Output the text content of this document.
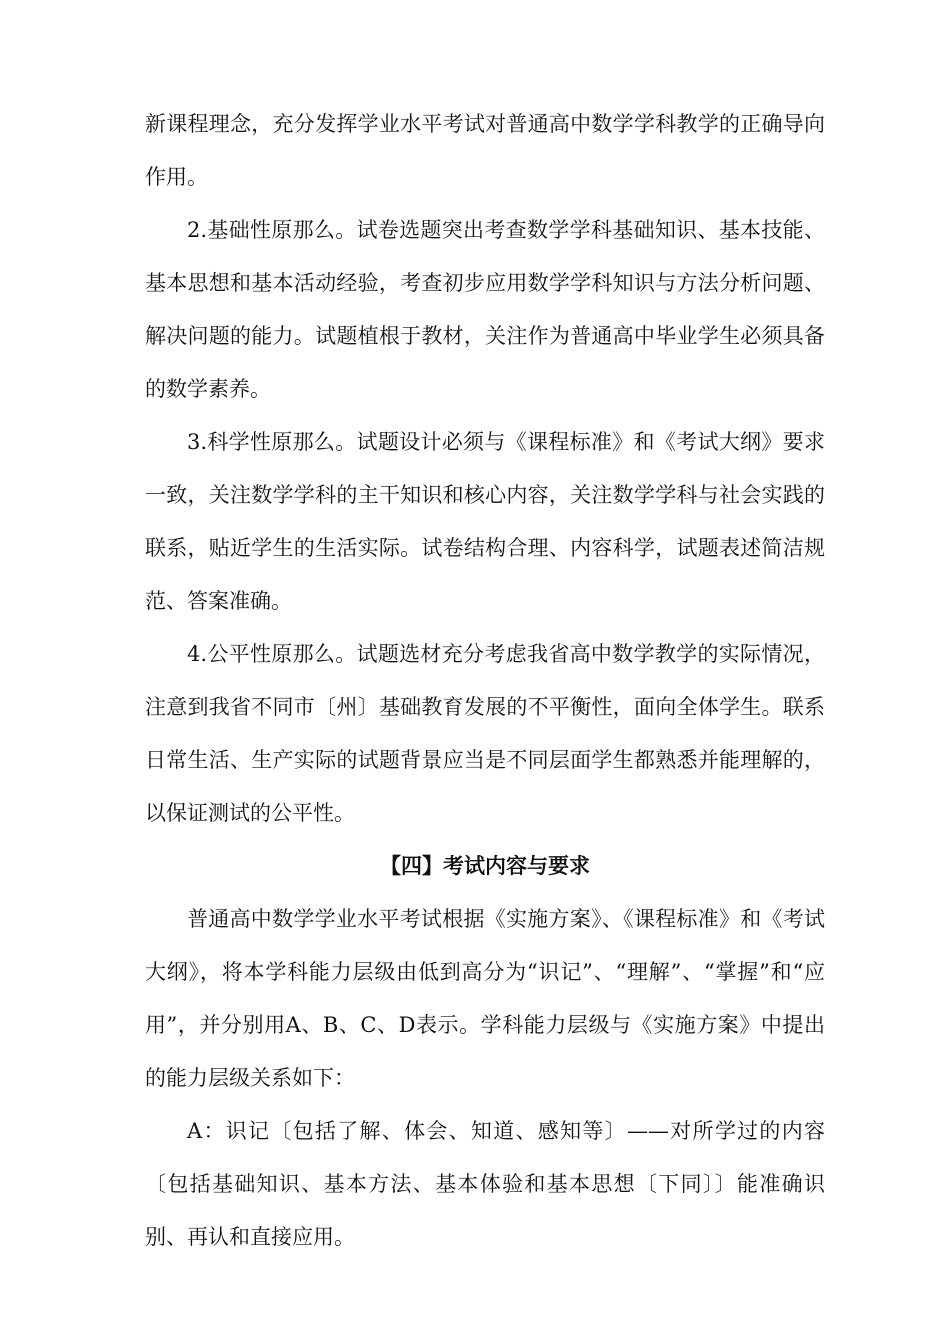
新课程理念，充分发挥学业水平考试对普通高中数学学科教学的正确导向作用。

2.基础性原那么。试卷选题突出考查数学学科基础知识、基本技能、基本思想和基本活动经验，考查初步应用数学学科知识与方法分析问题、解决问题的能力。试题植根于教材，关注作为普通高中毕业学生必须具备的数学素养。

3.科学性原那么。试题设计必须与《课程标准》和《考试大纲》要求一致，关注数学学科的主干知识和核心内容，关注数学学科与社会实践的联系，贴近学生的生活实际。试卷结构合理、内容科学，试题表述简洁规范、答案准确。

4.公平性原那么。试题选材充分考虑我省高中数学教学的实际情况，注意到我省不同市〔州〕基础教育发展的不平衡性，面向全体学生。联系日常生活、生产实际的试题背景应当是不同层面学生都熟悉并能理解的，以保证测试的公平性。

【四】考试内容与要求

普通高中数学学业水平考试根据《实施方案》、《课程标准》和《考试大纲》，将本学科能力层级由低到高分为“识记”、“理解”、“掌握”和“应用”，并分别用A、B、C、D表示。学科能力层级与《实施方案》中提出的能力层级关系如下：

A：识记〔包括了解、体会、知道、感知等〕——对所学过的内容〔包括基础知识、基本方法、基本体验和基本思想〔下同〕〕能准确识别、再认和直接应用。
